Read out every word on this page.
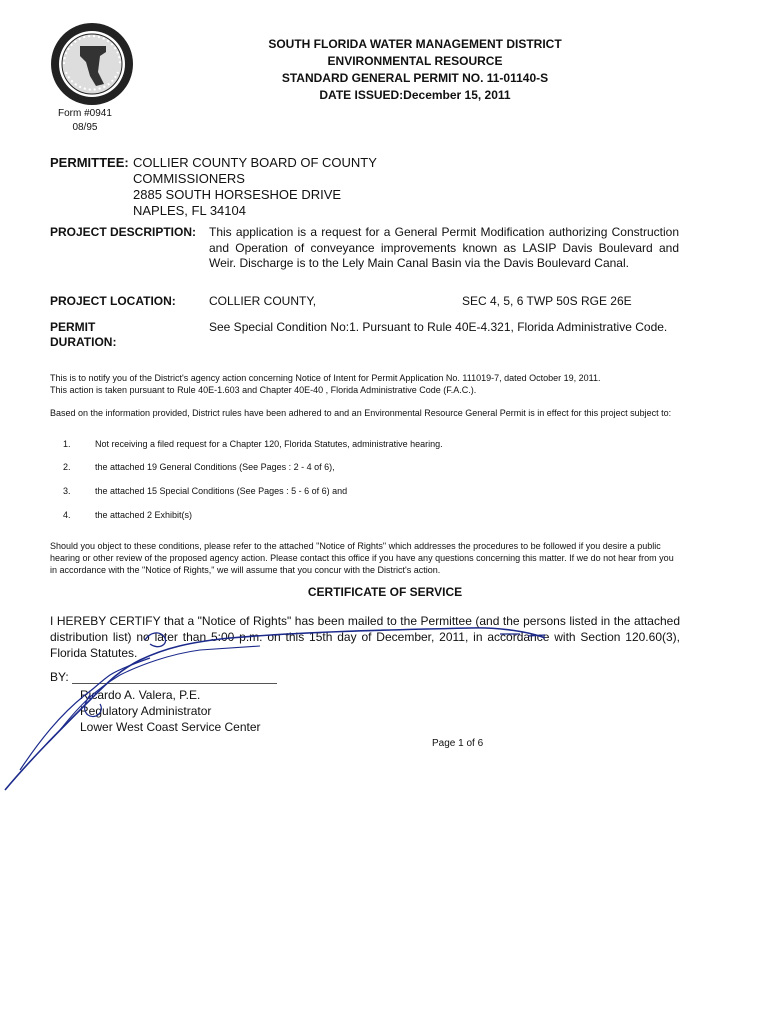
SOUTH FLORIDA WATER MANAGEMENT DISTRICT
ENVIRONMENTAL RESOURCE
STANDARD GENERAL PERMIT NO. 11-01140-S
DATE ISSUED:December 15, 2011
Form #0941
08/95
PERMITTEE: COLLIER COUNTY BOARD OF COUNTY
COMMISSIONERS
2885 SOUTH HORSESHOE DRIVE
NAPLES, FL 34104
PROJECT DESCRIPTION: This application is a request for a General Permit Modification authorizing Construction and Operation of conveyance improvements known as LASIP Davis Boulevard and Weir. Discharge is to the Lely Main Canal Basin via the Davis Boulevard Canal.
PROJECT LOCATION:	COLLIER COUNTY,	SEC 4, 5, 6 TWP 50S RGE 26E
PERMIT
DURATION:
See Special Condition No:1. Pursuant to Rule 40E-4.321, Florida Administrative Code.
This is to notify you of the District's agency action concerning Notice of Intent for Permit Application No. 111019-7, dated October 19, 2011.
This action is taken pursuant to Rule 40E-1.603 and Chapter 40E-40 , Florida Administrative Code (F.A.C.).
Based on the information provided, District rules have been adhered to and an Environmental Resource General Permit is in effect for this project subject to:
1.	Not receiving a filed request for a Chapter 120, Florida Statutes, administrative hearing.
2.	the attached 19 General Conditions (See Pages : 2 - 4 of 6),
3.	the attached 15 Special Conditions (See Pages : 5 - 6 of 6) and
4.	the attached 2 Exhibit(s)
Should you object to these conditions, please refer to the attached "Notice of Rights" which addresses the procedures to be followed if you desire a public hearing or other review of the proposed agency action. Please contact this office if you have any questions concerning this matter. If we do not hear from you in accordance with the "Notice of Rights," we will assume that you concur with the District's action.
CERTIFICATE OF SERVICE
I HEREBY CERTIFY that a "Notice of Rights" has been mailed to the Permittee (and the persons listed in the attached distribution list) no later than 5:00 p.m. on this 15th day of December, 2011, in accordance with Section 120.60(3), Florida Statutes.
BY:
Ricardo A. Valera, P.E.
Regulatory Administrator
Lower West Coast Service Center
Page 1 of 6
